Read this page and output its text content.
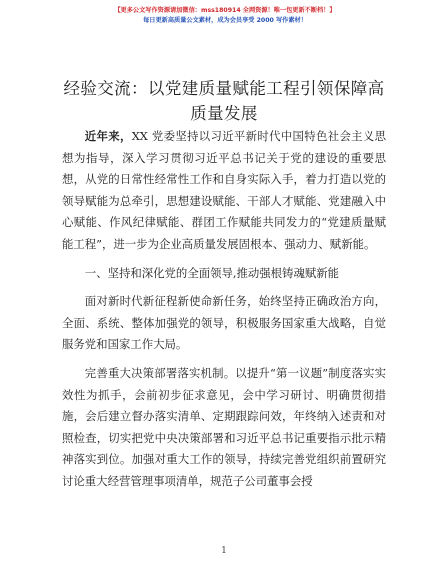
【更多公文写作资源请加微信：mss180914 全网资源！唯一包更新不断档！】
每日更新高质量公文素材，成为会员享受 2000 写作素材！
经验交流：以党建质量赋能工程引领保障高质量发展

近年来，XX 党委坚持以习近平新时代中国特色社会主义思想为指导，深入学习贯彻习近平总书记关于党的建设的重要思想，从党的日常性经常性工作和自身实际入手，着力打造以党的领导赋能为总牵引，思想建设赋能、干部人才赋能、党建融入中心赋能、作风纪律赋能、群团工作赋能共同发力的“党建质量赋能工程”，进一步为企业高质量发展固根本、强动力、赋新能。

一、坚持和深化党的全面领导,推动强根铸魂赋新能

面对新时代新征程新使命新任务，始终坚持正确政治方向，全面、系统、整体加强党的领导，积极服务国家重大战略，自觉服务党和国家工作大局。

完善重大决策部署落实机制。以提升“第一议题”制度落实实效性为抓手，会前初步征求意见，会中学习研讨、明确贯彻措施，会后建立督办落实清单、定期跟踪问效，年终纳入述责和对照检查，切实把党中央决策部署和习近平总书记重要指示批示精神落实到位。加强对重大工作的领导，持续完善党组织前置研究讨论重大经营管理事项清单，规范子公司董事会授

1
